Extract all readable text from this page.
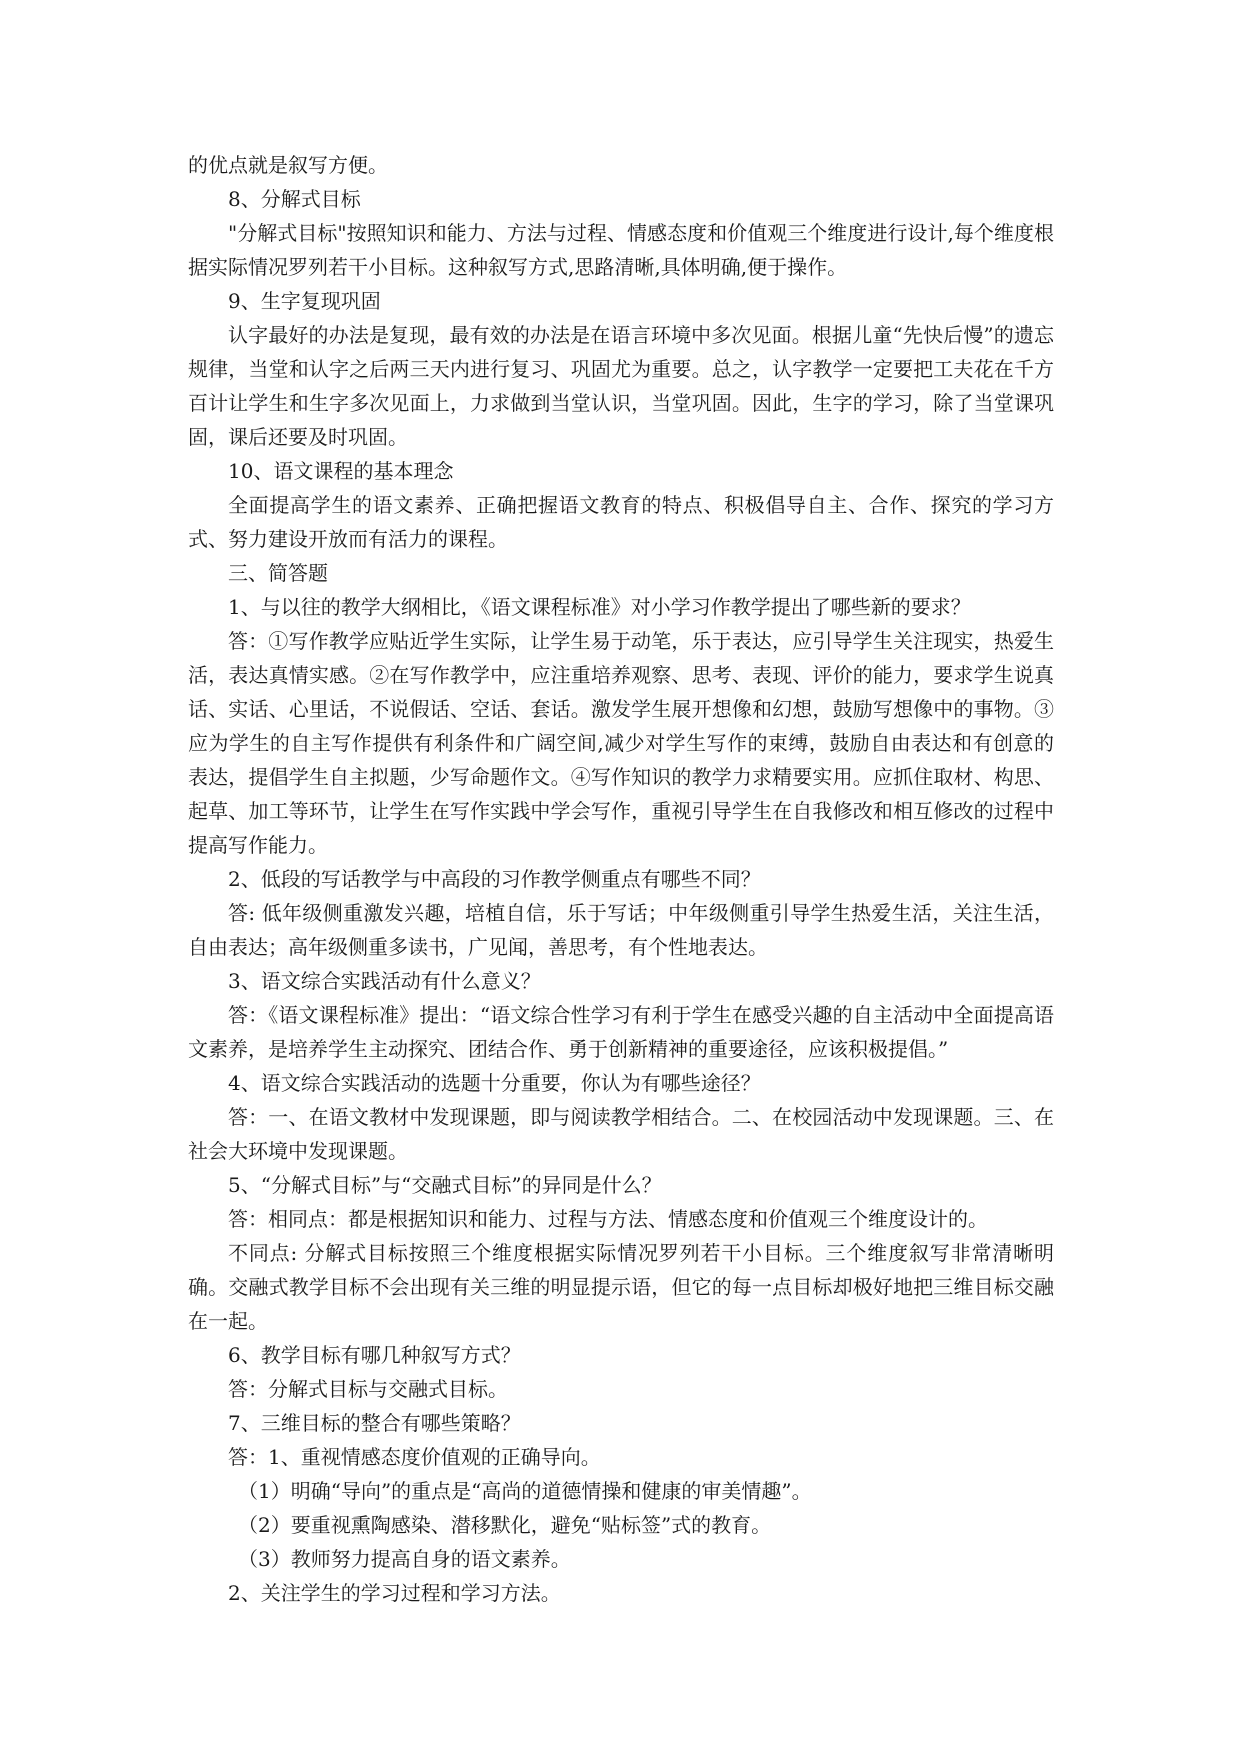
的优点就是叙写方便。

8、分解式目标

"分解式目标"按照知识和能力、方法与过程、情感态度和价值观三个维度进行设计,每个维度根据实际情况罗列若干小目标。这种叙写方式,思路清晰,具体明确,便于操作。

9、生字复现巩固

认字最好的办法是复现，最有效的办法是在语言环境中多次见面。根据儿童“先快后慢”的遗忘规律，当堂和认字之后两三天内进行复习、巩固尤为重要。总之，认字教学一定要把工夫花在千方百计让学生和生字多次见面上，力求做到当堂认识，当堂巩固。因此，生字的学习，除了当堂课巩固，课后还要及时巩固。

10、语文课程的基本理念

全面提高学生的语文素养、正确把握语文教育的特点、积极倡导自主、合作、探究的学习方式、努力建设开放而有活力的课程。

三、简答题

1、与以往的教学大纲相比，《语文课程标准》对小学习作教学提出了哪些新的要求？

答：①写作教学应贴近学生实际，让学生易于动笔，乐于表达，应引导学生关注现实，热爱生活，表达真情实感。②在写作教学中，应注重培养观察、思考、表现、评价的能力，要求学生说真话、实话、心里话，不说假话、空话、套话。激发学生展开想像和幻想，鼓励写想像中的事物。③应为学生的自主写作提供有利条件和广阔空间,减少对学生写作的束缚，鼓励自由表达和有创意的表达，提倡学生自主拟题，少写命题作文。④写作知识的教学力求精要实用。应抓住取材、构思、起草、加工等环节，让学生在写作实践中学会写作，重视引导学生在自我修改和相互修改的过程中提高写作能力。

2、低段的写话教学与中高段的习作教学侧重点有哪些不同？

答: 低年级侧重激发兴趣，培植自信，乐于写话；中年级侧重引导学生热爱生活，关注生活，自由表达；高年级侧重多读书，广见闻，善思考，有个性地表达。

3、语文综合实践活动有什么意义？

答：《语文课程标准》提出：“语文综合性学习有利于学生在感受兴趣的自主活动中全面提高语文素养，是培养学生主动探究、团结合作、勇于创新精神的重要途径，应该积极提倡。”

4、语文综合实践活动的选题十分重要，你认为有哪些途径？

答：一、在语文教材中发现课题，即与阅读教学相结合。二、在校园活动中发现课题。三、在社会大环境中发现课题。

5、“分解式目标”与“交融式目标”的异同是什么？

答：相同点：都是根据知识和能力、过程与方法、情感态度和价值观三个维度设计的。

不同点: 分解式目标按照三个维度根据实际情况罗列若干小目标。三个维度叙写非常清晰明确。交融式教学目标不会出现有关三维的明显提示语，但它的每一点目标却极好地把三维目标交融在一起。

6、教学目标有哪几种叙写方式？

答：分解式目标与交融式目标。

7、三维目标的整合有哪些策略？

答：1、重视情感态度价值观的正确导向。

（1）明确“导向”的重点是“高尚的道德情操和健康的审美情趣”。

（2）要重视熏陶感染、潜移默化，避免“贴标签”式的教育。

（3）教师努力提高自身的语文素养。

2、关注学生的学习过程和学习方法。
